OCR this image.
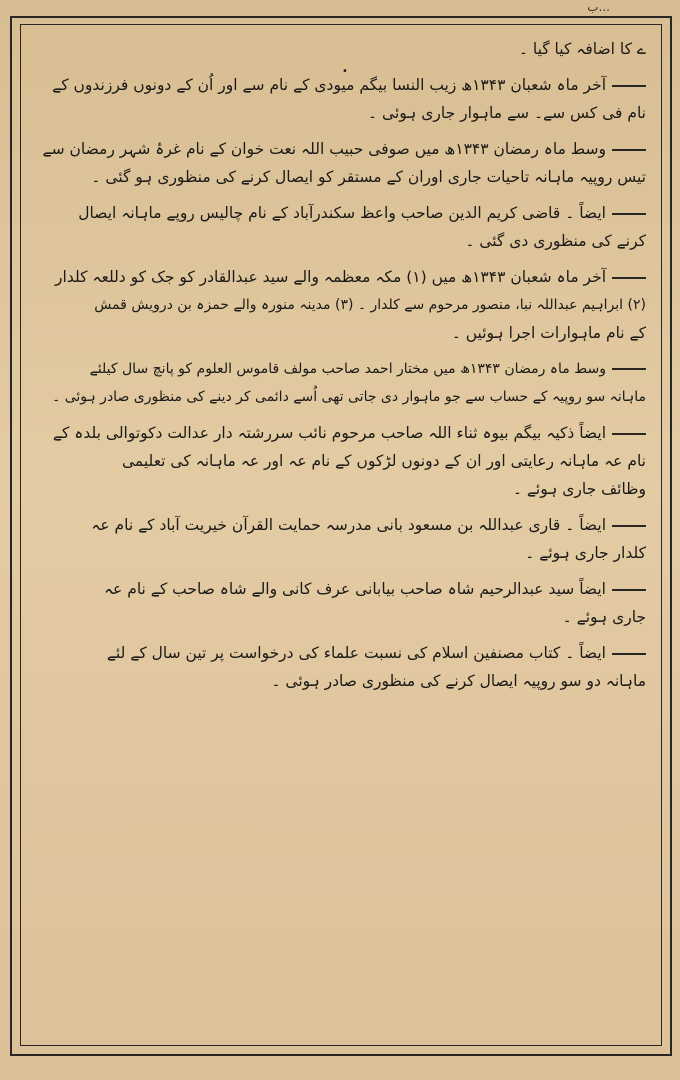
...ب
•
ے کا اضافہ کیا گیا ۔
آخر ماہ شعبان ۱۳۴۳ھ زیب النسا بیگم میودی کے نام سے اور اُن کے دونوں فرزندوں کے
نام فی کس سے۔ سے ماہوار جاری ہوئی ۔
وسط ماہ رمضان ۱۳۴۳ھ میں صوفی حبیب اللہ نعت خوان کے نام غرۂ شہر رمضان سے
تیس روپیہ ماہانہ تاحیات جاری اوران کے مستقر کو ایصال کرنے کی منظوری ہو گئی ۔
ایضاً ۔ قاضی کریم الدین صاحب واعظ سکندرآباد کے نام چالیس روپے ماہانہ ایصال
کرنے کی منظوری دی گئی ۔
آخر ماہ شعبان ۱۳۴۳ھ میں (۱) مکہ معظمہ والے سید عبدالقادر کو جک کو دللعہ کلدار
(۲) ابراہیم عبداللہ نبا، منصور مرحوم سے کلدار ۔ (۳) مدینہ منورہ والے حمزہ بن درویش قمش
کے نام ماہوارات اجرا ہوئیں ۔
وسط ماہ رمضان ۱۳۴۳ھ میں مختار احمد صاحب مولف قاموس العلوم کو پانچ سال کیلئے
ماہانہ سو روپیہ کے حساب سے جو ماہوار دی جاتی تھی اُسے دائمی کر دینے کی منظوری صادر ہوئی ۔
ایضاً ذکیہ بیگم بیوہ ثناء اللہ صاحب مرحوم نائب سررشتہ دار عدالت دکوتوالی بلدہ کے
نام عہ ماہانہ رعایتی اور ان کے دونوں لڑکوں کے نام عہ اور عہ ماہانہ کی تعلیمی
وظائف جاری ہوئے ۔
ایضاً ۔ قاری عبداللہ بن مسعود بانی مدرسہ حمایت القرآن خیریت آباد کے نام عہ
کلدار جاری ہوئے ۔
ایضاً سید عبدالرحیم شاہ صاحب بیابانی عرف کانی والے شاہ صاحب کے نام عہ
جاری ہوئے ۔
ایضاً ۔ کتاب مصنفین اسلام کی نسبت علماء کی درخواست پر تین سال کے لئے
ماہانہ دو سو روپیہ ایصال کرنے کی منظوری صادر ہوئی ۔
